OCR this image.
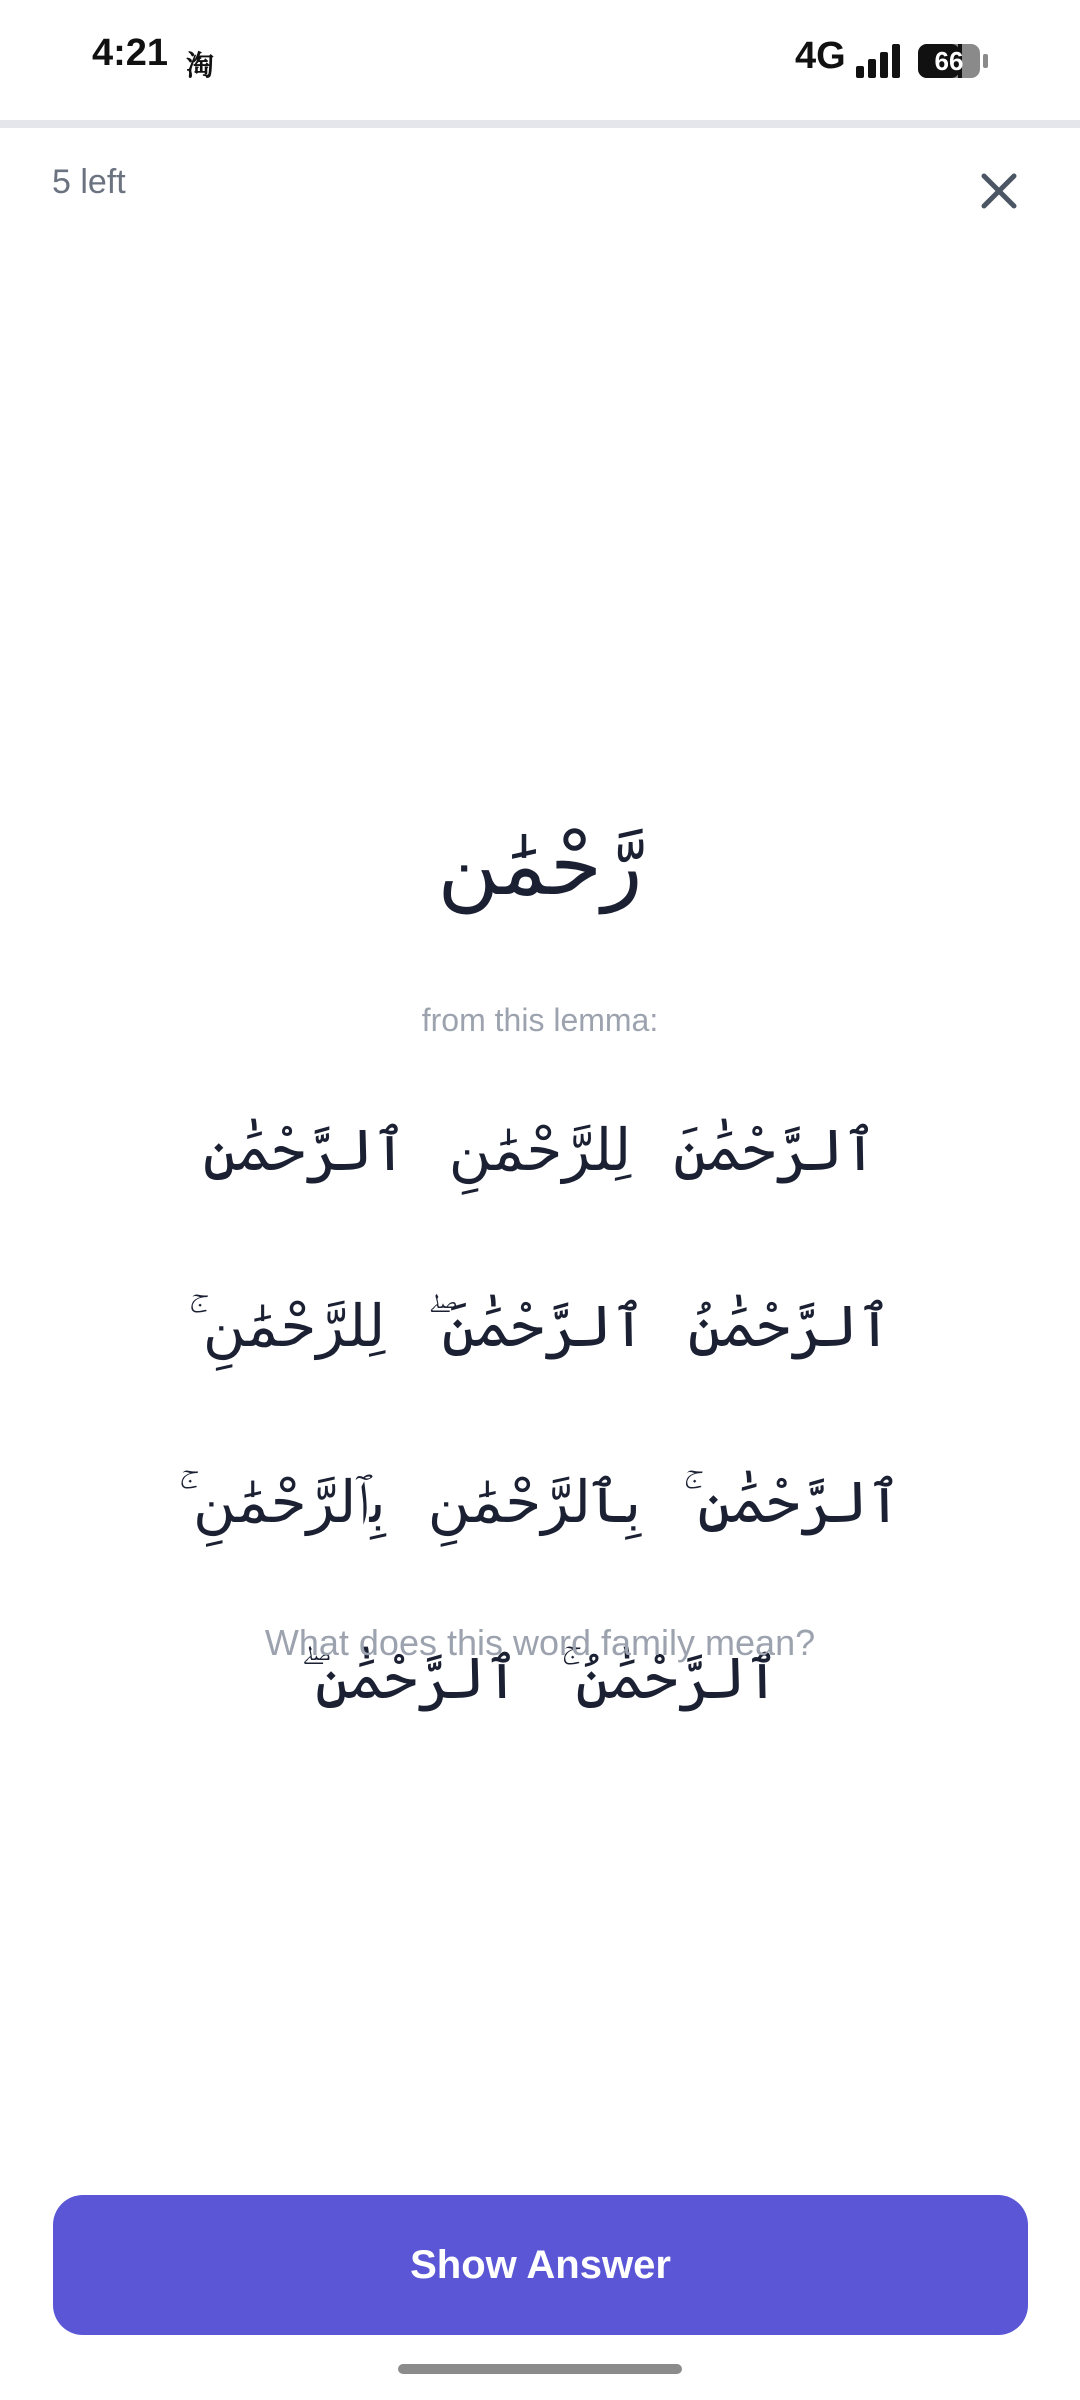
4:21 淘	4G	66
5 left
رَّحْمَٰن
from this lemma:
ٱلرَّحْمَٰنَ
لِلرَّحْمَٰنِ
ٱلرَّحْمَٰنِ
ٱلرَّحْمَٰنُ
ٱلرَّحْمَٰنَ ۖ
لِلرَّحْمَٰنِ ۚ
ٱلرَّحْمَٰنِ ۚ
بِٱلرَّحْمَٰنِ
بِٱلرَّحْمَٰنِ ۚ
ٱلرَّحْمَٰنُ ۚ
ٱلرَّحْمَٰنِ ۖ
What does this word family mean?
Show Answer
